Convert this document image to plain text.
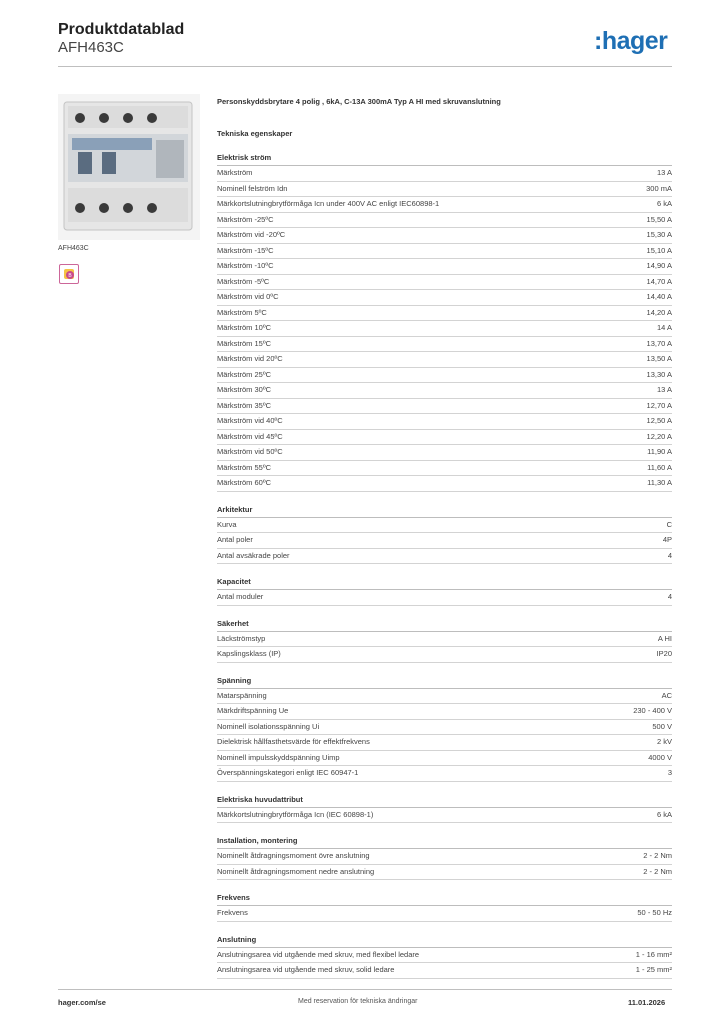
Produktdatablad
AFH463C	:hager
AFH463C
B
Personskyddsbrytare 4 polig , 6kA, C-13A 300mA Typ A HI med skruvanslutning
Tekniska egenskaper
Elektrisk ström
Märkström	13 A
Nominell felström Idn	300 mA
Märkkortslutningbrytförmåga Icn under 400V AC enligt IEC60898-1	6 kA
Märkström -25ºC	15,50 A
Märkström vid -20ºC	15,30 A
Märkström -15ºC	15,10 A
Märkström -10ºC	14,90 A
Märkström -5ºC	14,70 A
Märkström vid 0ºC	14,40 A
Märkström 5ºC	14,20 A
Märkström 10ºC	14 A
Märkström 15ºC	13,70 A
Märkström vid 20ºC	13,50 A
Märkström 25ºC	13,30 A
Märkström 30ºC	13 A
Märkström 35ºC	12,70 A
Märkström vid 40ºC	12,50 A
Märkström vid 45ºC	12,20 A
Märkström vid 50ºC	11,90 A
Märkström 55ºC	11,60 A
Märkström 60ºC	11,30 A
Arkitektur
Kurva	C
Antal poler	4P
Antal avsäkrade poler	4
Kapacitet
Antal moduler	4
Säkerhet
Läckströmstyp	A HI
Kapslingsklass (IP)	IP20
Spänning
Matarspänning	AC
Märkdriftspänning Ue	230 - 400 V
Nominell isolationsspänning Ui	500 V
Dielektrisk hållfasthetsvärde för effektfrekvens	2 kV
Nominell impulsskyddspänning Uimp	4000 V
Överspänningskategori enligt IEC 60947-1	3
Elektriska huvudattribut
Märkkortslutningbrytförmåga Icn (IEC 60898-1)	6 kA
Installation, montering
Nominellt åtdragningsmoment övre anslutning	2 - 2 Nm
Nominellt åtdragningsmoment nedre anslutning	2 - 2 Nm
Frekvens
Frekvens	50 - 50 Hz
Anslutning
Anslutningsarea vid utgående med skruv, med flexibel ledare	1 - 16 mm²
Anslutningsarea vid utgående med skruv, solid ledare	1 - 25 mm²
hager.com/se	Med reservation för tekniska ändringar	11.01.2026
